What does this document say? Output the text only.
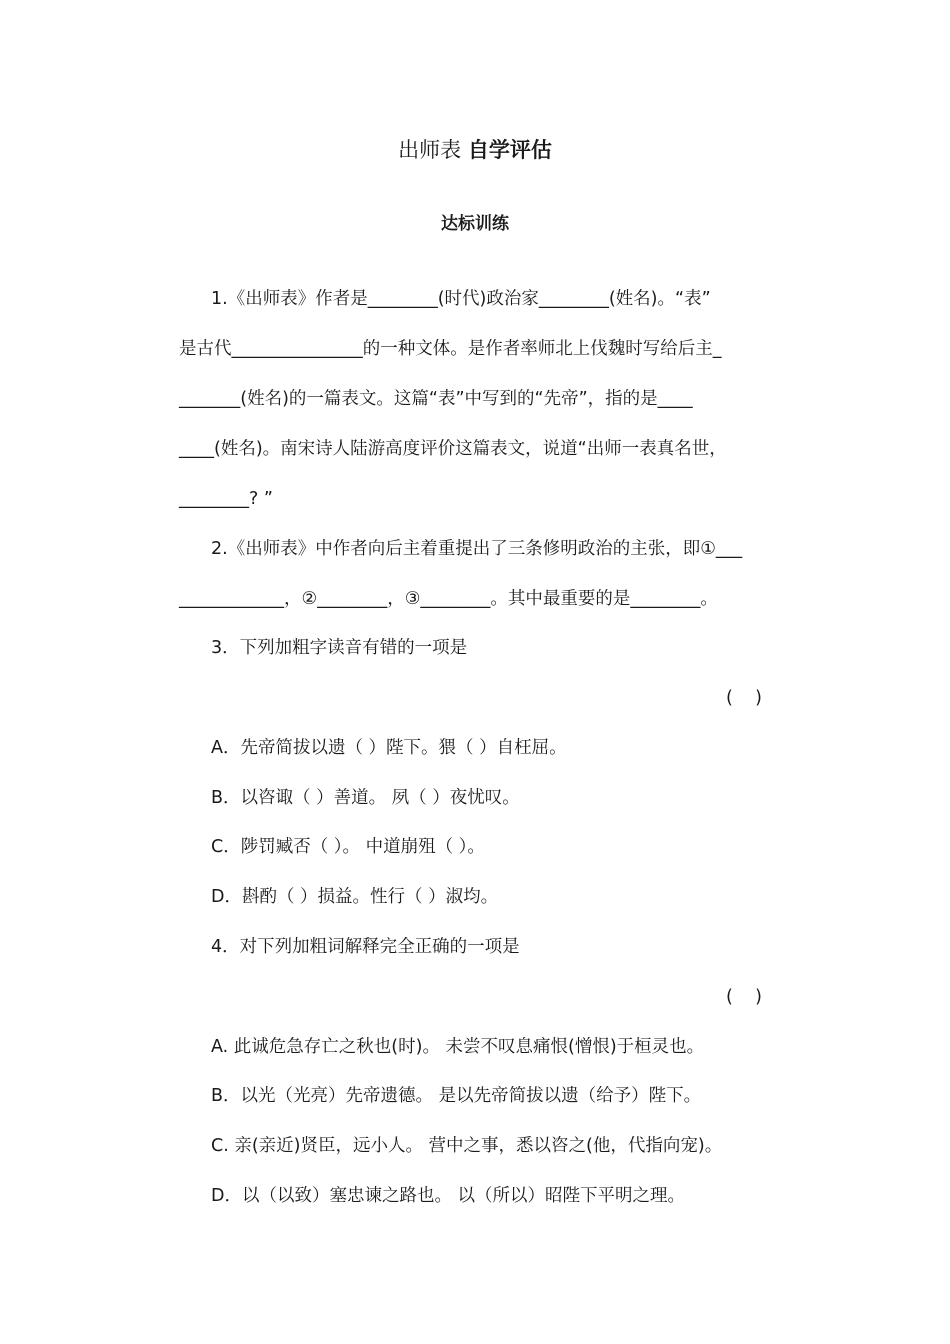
出师表 自学评估
达标训练
1.《出师表》作者是________(时代)政治家________(姓名)。“表”
是古代_______________的一种文体。是作者率师北上伐魏时写给后主_
_______(姓名)的一篇表文。这篇“表”中写到的“先帝”，指的是____
____(姓名)。南宋诗人陆游高度评价这篇表文，说道“出师一表真名世，
________? ”
2.《出师表》中作者向后主着重提出了三条修明政治的主张，即①___
____________，②________，③________。其中最重要的是________。
3．下列加粗字读音有错的一项是
(    )
A．先帝简拔以遗（ ）陛下。猥（ ）自枉屈。
B．以咨诹（ ）善道。 夙（ ）夜忧叹。
C．陟罚臧否（ ）。 中道崩殂（ ）。
D．斟酌（ ）损益。性行（ ）淑均。
4．对下列加粗词解释完全正确的一项是
(    )
A. 此诚危急存亡之秋也(时)。 未尝不叹息痛恨(憎恨)于桓灵也。
B．以光（光亮）先帝遗德。 是以先帝简拔以遗（给予）陛下。
C. 亲(亲近)贤臣，远小人。 营中之事，悉以咨之(他，代指向宠)。
D．以（以致）塞忠谏之路也。 以（所以）昭陛下平明之理。
